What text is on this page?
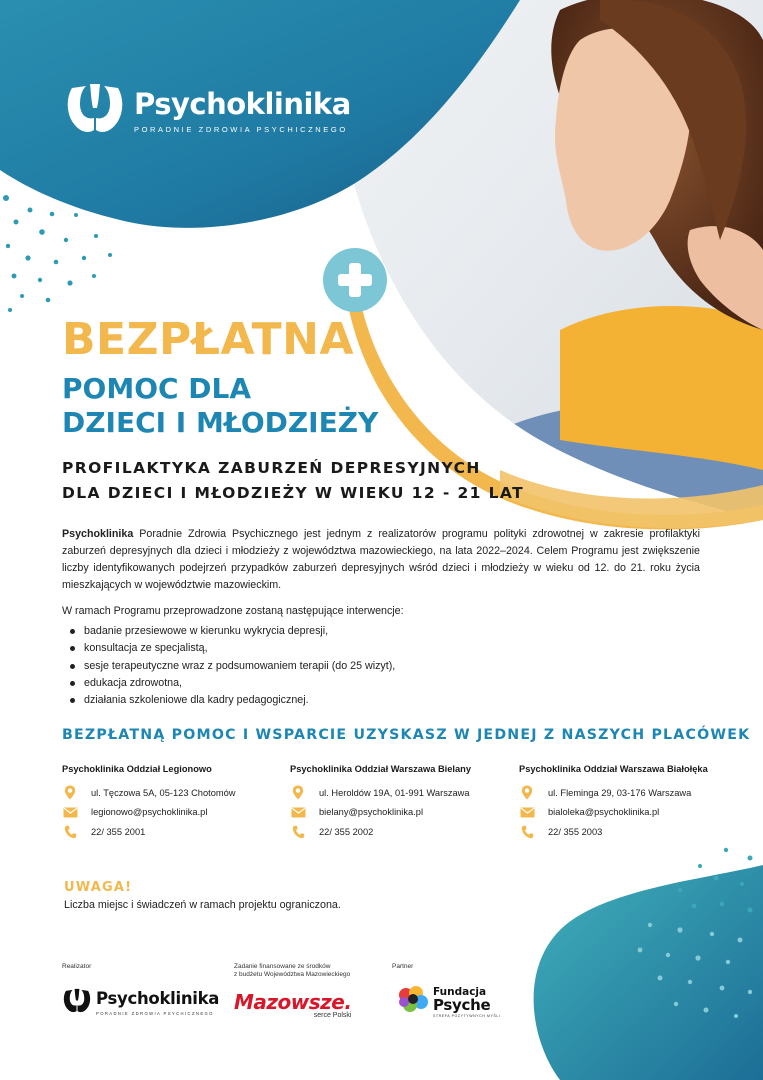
Psychoklinika
PORADNIE ZDROWIA PSYCHICZNEGO
BEZPŁATNA
POMOC DLA
DZIECI I MŁODZIEŻY
PROFILAKTYKA ZABURZEŃ DEPRESYJNYCH
DLA DZIECI I MŁODZIEŻY W WIEKU 12 - 21 LAT

Psychoklinika Poradnie Zdrowia Psychicznego jest jednym z realizatorów programu polityki zdrowotnej w zakresie profilaktyki zaburzeń depresyjnych dla dzieci i młodzieży z województwa mazowieckiego, na lata 2022–2024. Celem Programu jest zwiększenie liczby identyfikowanych podejrzeń przypadków zaburzeń depresyjnych wśród dzieci i młodzieży w wieku od 12. do 21. roku życia mieszkających w województwie mazowieckim.

W ramach Programu przeprowadzone zostaną następujące interwencje:
badanie przesiewowe w kierunku wykrycia depresji,
konsultacja ze specjalistą,
sesje terapeutyczne wraz z podsumowaniem terapii (do 25 wizyt),
edukacja zdrowotna,
działania szkoleniowe dla kadry pedagogicznej.
BEZPŁATNĄ POMOC I WSPARCIE UZYSKASZ W JEDNEJ Z NASZYCH PLACÓWEK
Psychoklinika Oddział Legionowo
ul. Tęczowa 5A, 05-123 Chotomów
legionowo@psychoklinika.pl
22/ 355 2001
Psychoklinika Oddział Warszawa Bielany
ul. Heroldów 19A, 01-991 Warszawa
bielany@psychoklinika.pl
22/ 355 2002
Psychoklinika Oddział Warszawa Białołęka
ul. Fleminga 29, 03-176 Warszawa
bialoleka@psychoklinika.pl
22/ 355 2003
UWAGA!
Liczba miejsc i świadczeń w ramach projektu ograniczona.
Realizator
Psychoklinika
PORADNIE ZDROWIA PSYCHICZNEGO
Zadanie finansowane ze środków
z budżetu Województwa Mazowieckiego
Mazowsze.
serce Polski
Partner
Fundacja
Psyche
STREFA POZYTYWNYCH MYŚLI
